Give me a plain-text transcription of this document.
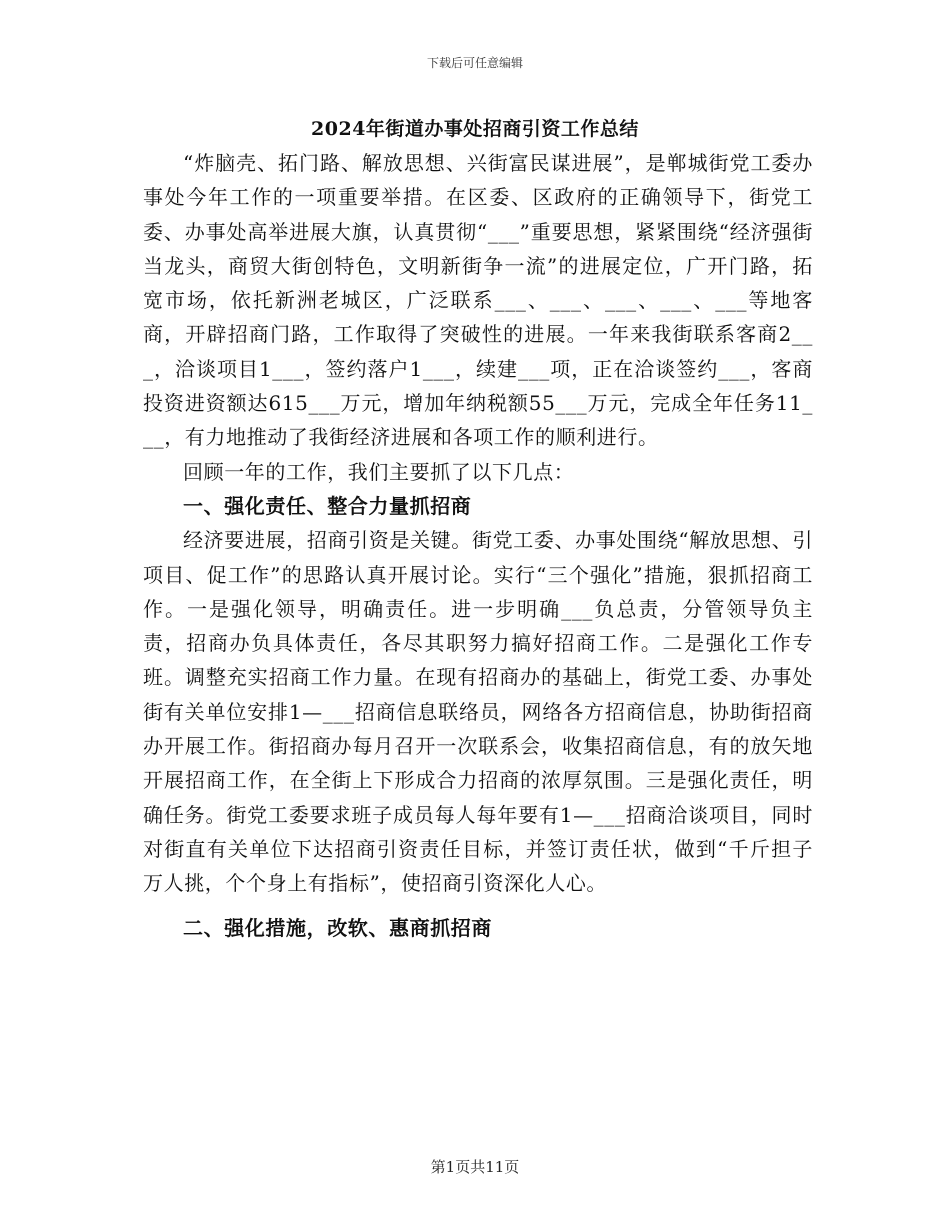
下载后可任意编辑
2024年街道办事处招商引资工作总结

“炸脑壳、拓门路、解放思想、兴街富民谋进展”，是郸城街党工委办事处今年工作的一项重要举措。在区委、区政府的正确领导下，街党工委、办事处高举进展大旗，认真贯彻“___”重要思想，紧紧围绕“经济强街当龙头，商贸大街创特色，文明新街争一流”的进展定位，广开门路，拓宽市场，依托新洲老城区，广泛联系___、___、___、___、___等地客商，开辟招商门路，工作取得了突破性的进展。一年来我街联系客商2___，洽谈项目1___，签约落户1___，续建___项，正在洽谈签约___，客商投资进资额达615___万元，增加年纳税额55___万元，完成全年任务11___，有力地推动了我街经济进展和各项工作的顺利进行。

回顾一年的工作，我们主要抓了以下几点：

一、强化责任、整合力量抓招商

经济要进展，招商引资是关键。街党工委、办事处围绕“解放思想、引项目、促工作”的思路认真开展讨论。实行“三个强化”措施，狠抓招商工作。一是强化领导，明确责任。进一步明确___负总责，分管领导负主责，招商办负具体责任，各尽其职努力搞好招商工作。二是强化工作专班。调整充实招商工作力量。在现有招商办的基础上，街党工委、办事处街有关单位安排1—___招商信息联络员，网络各方招商信息，协助街招商办开展工作。街招商办每月召开一次联系会，收集招商信息，有的放矢地开展招商工作，在全街上下形成合力招商的浓厚氛围。三是强化责任，明确任务。街党工委要求班子成员每人每年要有1—___招商洽谈项目，同时对街直有关单位下达招商引资责任目标，并签订责任状，做到“千斤担子万人挑，个个身上有指标”，使招商引资深化人心。

二、强化措施，改软、惠商抓招商

第1页共11页
